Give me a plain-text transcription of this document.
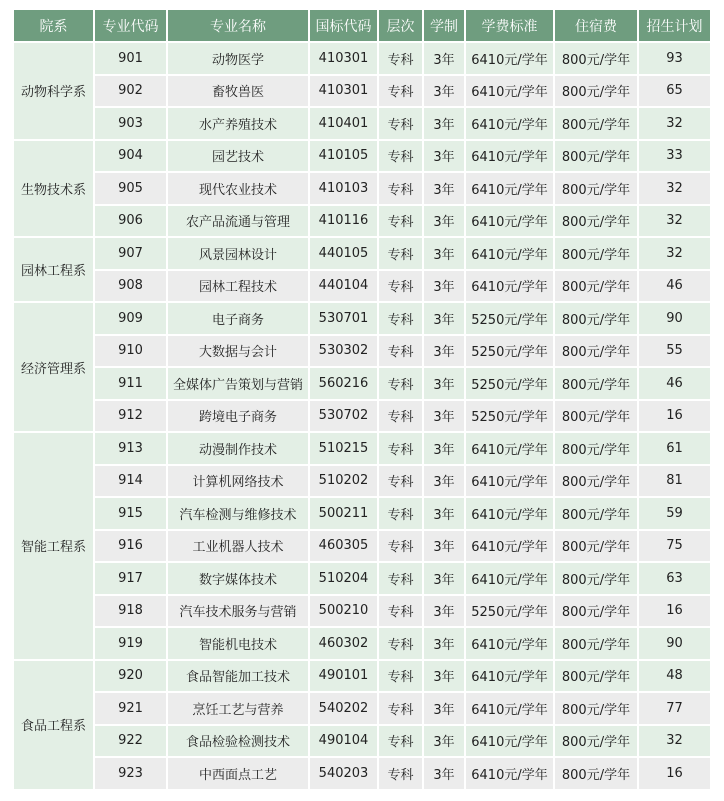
院系	专业代码	专业名称	国标代码	层次	学制	学费标准	住宿费	招生计划
动物科学系
901	动物医学	410301	专科	3年	6410元/学年	800元/学年	93
902	畜牧兽医	410301	专科	3年	6410元/学年	800元/学年	65
903	水产养殖技术	410401	专科	3年	6410元/学年	800元/学年	32
生物技术系
904	园艺技术	410105	专科	3年	6410元/学年	800元/学年	33
905	现代农业技术	410103	专科	3年	6410元/学年	800元/学年	32
906	农产品流通与管理	410116	专科	3年	6410元/学年	800元/学年	32
园林工程系
907	风景园林设计	440105	专科	3年	6410元/学年	800元/学年	32
908	园林工程技术	440104	专科	3年	6410元/学年	800元/学年	46
经济管理系
909	电子商务	530701	专科	3年	5250元/学年	800元/学年	90
910	大数据与会计	530302	专科	3年	5250元/学年	800元/学年	55
911	全媒体广告策划与营销	560216	专科	3年	5250元/学年	800元/学年	46
912	跨境电子商务	530702	专科	3年	5250元/学年	800元/学年	16
智能工程系
913	动漫制作技术	510215	专科	3年	6410元/学年	800元/学年	61
914	计算机网络技术	510202	专科	3年	6410元/学年	800元/学年	81
915	汽车检测与维修技术	500211	专科	3年	6410元/学年	800元/学年	59
916	工业机器人技术	460305	专科	3年	6410元/学年	800元/学年	75
917	数字媒体技术	510204	专科	3年	6410元/学年	800元/学年	63
918	汽车技术服务与营销	500210	专科	3年	5250元/学年	800元/学年	16
919	智能机电技术	460302	专科	3年	6410元/学年	800元/学年	90
食品工程系
920	食品智能加工技术	490101	专科	3年	6410元/学年	800元/学年	48
921	烹饪工艺与营养	540202	专科	3年	6410元/学年	800元/学年	77
922	食品检验检测技术	490104	专科	3年	6410元/学年	800元/学年	32
923	中西面点工艺	540203	专科	3年	6410元/学年	800元/学年	16
